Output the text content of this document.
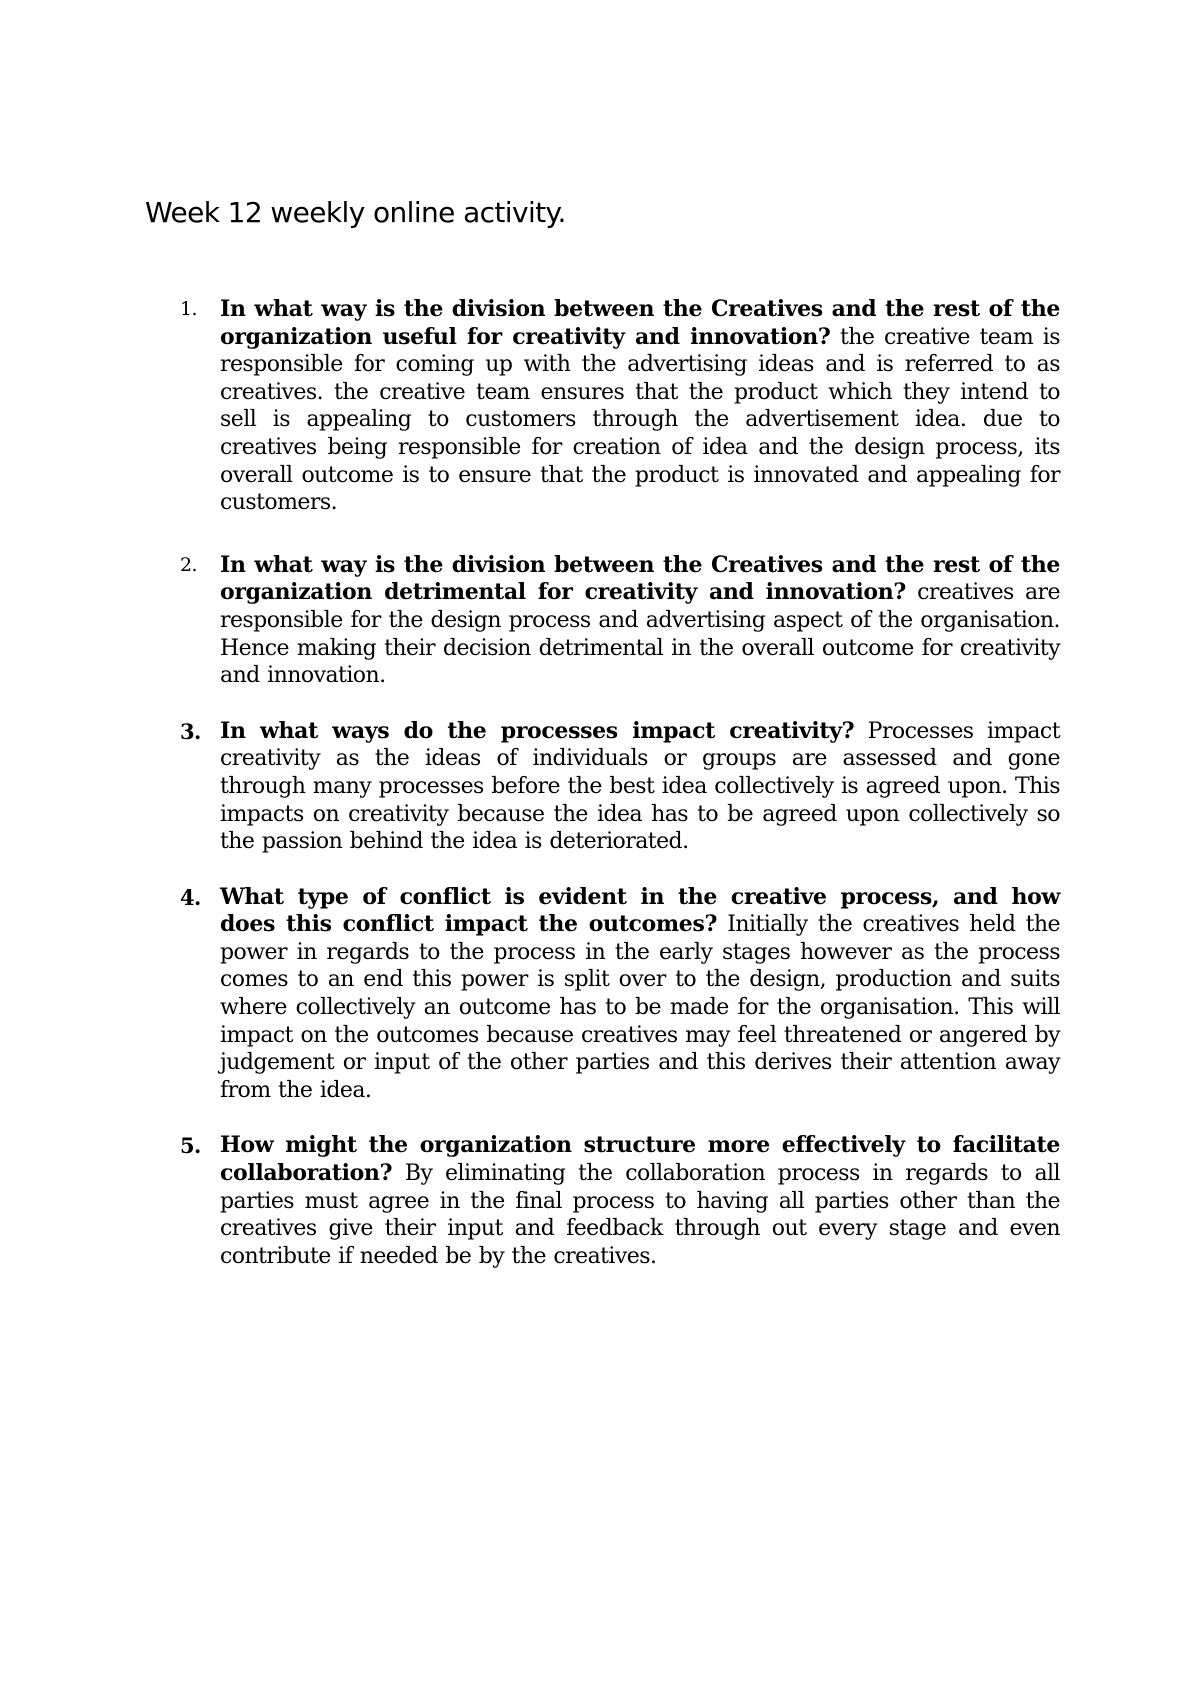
Week 12 weekly online activity.
1.	In what way is the division between the Creatives and the rest of the organization useful for creativity and innovation? the creative team is responsible for coming up with the advertising ideas and is referred to as creatives. the creative team ensures that the product which they intend to sell is appealing to customers through the advertisement idea. due to creatives being responsible for creation of idea and the design process, its overall outcome is to ensure that the product is innovated and appealing for customers.
2.	In what way is the division between the Creatives and the rest of the organization detrimental for creativity and innovation? creatives are responsible for the design process and advertising aspect of the organisation. Hence making their decision detrimental in the overall outcome for creativity and innovation.
3. In what ways do the processes impact creativity? Processes impact creativity as the ideas of individuals or groups are assessed and gone through many processes before the best idea collectively is agreed upon. This impacts on creativity because the idea has to be agreed upon collectively so the passion behind the idea is deteriorated.
4. What type of conflict is evident in the creative process, and how does this conflict impact the outcomes? Initially the creatives held the power in regards to the process in the early stages however as the process comes to an end this power is split over to the design, production and suits where collectively an outcome has to be made for the organisation. This will impact on the outcomes because creatives may feel threatened or angered by judgement or input of the other parties and this derives their attention away from the idea.
5. How might the organization structure more effectively to facilitate collaboration? By eliminating the collaboration process in regards to all parties must agree in the final process to having all parties other than the creatives give their input and feedback through out every stage and even contribute if needed be by the creatives.
